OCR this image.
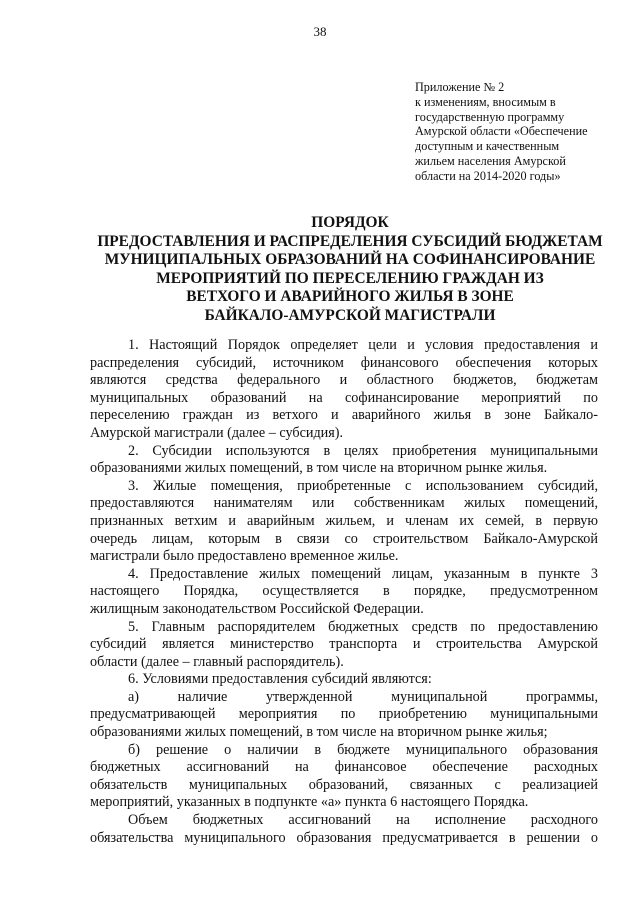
38
Приложение № 2
к изменениям, вносимым в
государственную программу
Амурской области «Обеспечение
доступным и качественным
жильем населения Амурской
области на 2014-2020 годы»
ПОРЯДОК
ПРЕДОСТАВЛЕНИЯ И РАСПРЕДЕЛЕНИЯ СУБСИДИЙ БЮДЖЕТАМ
МУНИЦИПАЛЬНЫХ ОБРАЗОВАНИЙ НА СОФИНАНСИРОВАНИЕ
МЕРОПРИЯТИЙ ПО ПЕРЕСЕЛЕНИЮ ГРАЖДАН ИЗ
ВЕТХОГО И АВАРИЙНОГО ЖИЛЬЯ В ЗОНЕ
БАЙКАЛО-АМУРСКОЙ МАГИСТРАЛИ
1. Настоящий Порядок определяет цели и условия предоставления и
распределения субсидий, источником финансового обеспечения которых
являются средства федерального и областного бюджетов, бюджетам
муниципальных образований на софинансирование мероприятий по
переселению граждан из ветхого и аварийного жилья в зоне Байкало-
Амурской магистрали (далее – субсидия).
2. Субсидии используются в целях приобретения муниципальными
образованиями жилых помещений, в том числе на вторичном рынке жилья.
3. Жилые помещения, приобретенные с использованием субсидий,
предоставляются нанимателям или собственникам жилых помещений,
признанных ветхим и аварийным жильем, и членам их семей, в первую
очередь лицам, которым в связи со строительством Байкало-Амурской
магистрали было предоставлено временное жилье.
4. Предоставление жилых помещений лицам, указанным в пункте 3
настоящего Порядка, осуществляется в порядке, предусмотренном
жилищным законодательством Российской Федерации.
5. Главным распорядителем бюджетных средств по предоставлению
субсидий является министерство транспорта и строительства Амурской
области (далее – главный распорядитель).
6. Условиями предоставления субсидий являются:
а) наличие утвержденной муниципальной программы,
предусматривающей мероприятия по приобретению муниципальными
образованиями жилых помещений, в том числе на вторичном рынке жилья;
б) решение о наличии в бюджете муниципального образования
бюджетных ассигнований на финансовое обеспечение расходных
обязательств муниципальных образований, связанных с реализацией
мероприятий, указанных в подпункте «а» пункта 6 настоящего Порядка.
Объем бюджетных ассигнований на исполнение расходного
обязательства муниципального образования предусматривается в решении о
